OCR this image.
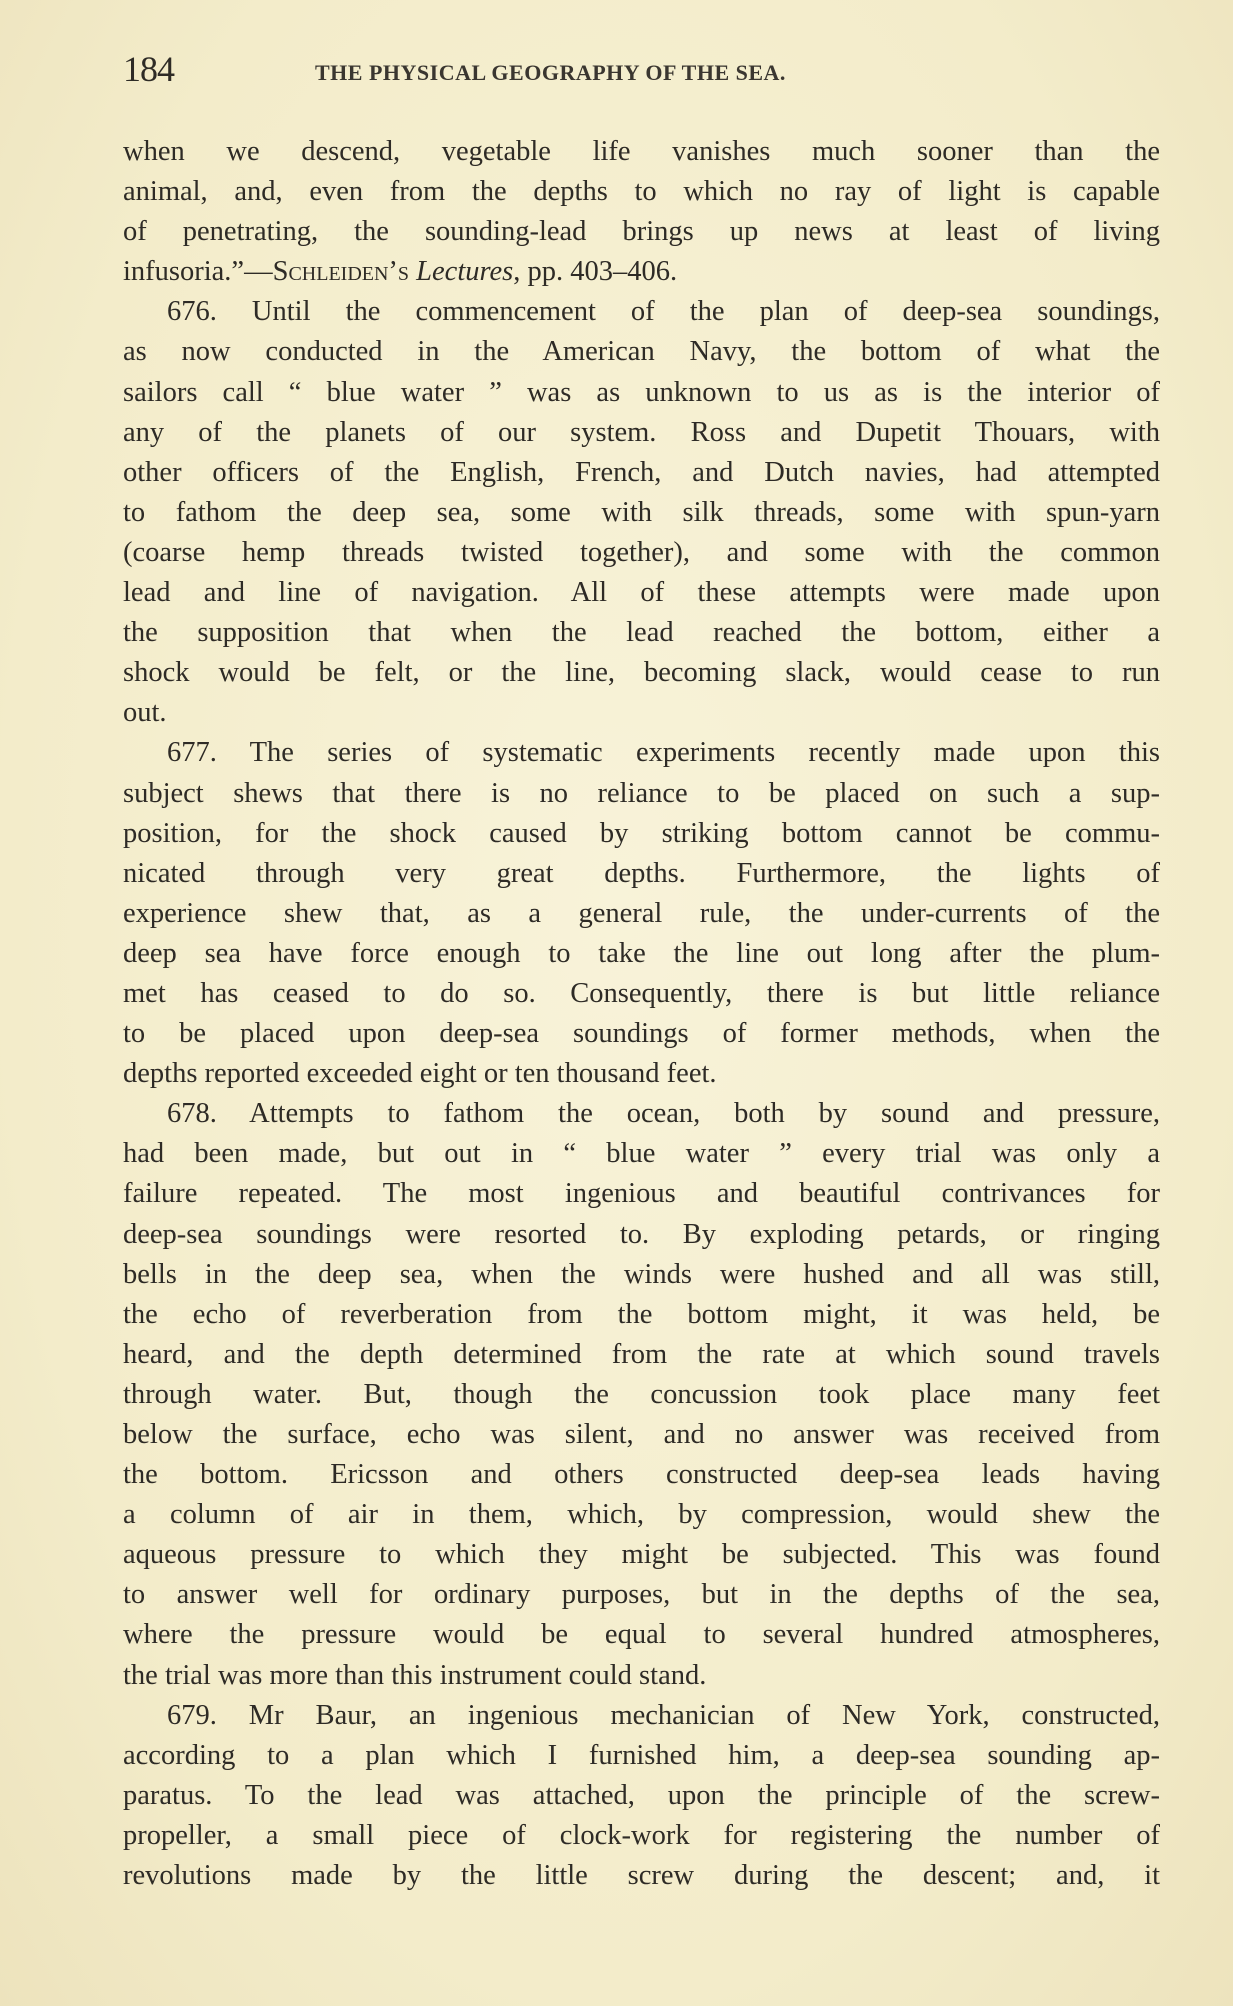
184	THE PHYSICAL GEOGRAPHY OF THE SEA.
when we descend, vegetable life vanishes much sooner than the
animal, and, even from the depths to which no ray of light is capable
of penetrating, the sounding-lead brings up news at least of living
infusoria.”—Schleiden’s Lectures, pp. 403–406.
676. Until the commencement of the plan of deep-sea soundings,
as now conducted in the American Navy, the bottom of what the
sailors call “ blue water ” was as unknown to us as is the interior of
any of the planets of our system. Ross and Dupetit Thouars, with
other officers of the English, French, and Dutch navies, had attempted
to fathom the deep sea, some with silk threads, some with spun-yarn
(coarse hemp threads twisted together), and some with the common
lead and line of navigation. All of these attempts were made upon
the supposition that when the lead reached the bottom, either a
shock would be felt, or the line, becoming slack, would cease to run
out.
677. The series of systematic experiments recently made upon this
subject shews that there is no reliance to be placed on such a sup-
position, for the shock caused by striking bottom cannot be commu-
nicated through very great depths. Furthermore, the lights of
experience shew that, as a general rule, the under-currents of the
deep sea have force enough to take the line out long after the plum-
met has ceased to do so. Consequently, there is but little reliance
to be placed upon deep-sea soundings of former methods, when the
depths reported exceeded eight or ten thousand feet.
678. Attempts to fathom the ocean, both by sound and pressure,
had been made, but out in “ blue water ” every trial was only a
failure repeated. The most ingenious and beautiful contrivances for
deep-sea soundings were resorted to. By exploding petards, or ringing
bells in the deep sea, when the winds were hushed and all was still,
the echo of reverberation from the bottom might, it was held, be
heard, and the depth determined from the rate at which sound travels
through water. But, though the concussion took place many feet
below the surface, echo was silent, and no answer was received from
the bottom. Ericsson and others constructed deep-sea leads having
a column of air in them, which, by compression, would shew the
aqueous pressure to which they might be subjected. This was found
to answer well for ordinary purposes, but in the depths of the sea,
where the pressure would be equal to several hundred atmospheres,
the trial was more than this instrument could stand.
679. Mr Baur, an ingenious mechanician of New York, constructed,
according to a plan which I furnished him, a deep-sea sounding ap-
paratus. To the lead was attached, upon the principle of the screw-
propeller, a small piece of clock-work for registering the number of
revolutions made by the little screw during the descent; and, it
